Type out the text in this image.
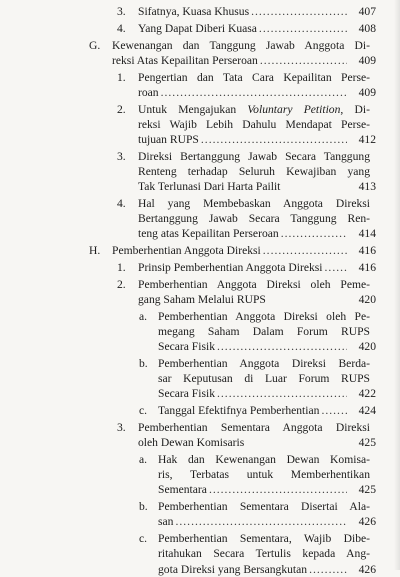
3. Sifatnya, Kuasa Khusus .....	407
4. Yang Dapat Diberi Kuasa .....	408
G. Kewenangan dan Tanggung Jawab Anggota Di-
reksi Atas Kepailitan Perseroan .....	409
1. Pengertian dan Tata Cara Kepailitan Perse-
roan .....	409
2. Untuk Mengajukan Voluntary Petition, Di-
reksi Wajib Lebih Dahulu Mendapat Perse-
tujuan RUPS .....	412
3. Direksi Bertanggung Jawab Secara Tanggung
Renteng terhadap Seluruh Kewajiban yang
Tak Terlunasi Dari Harta Pailit	413
4. Hal yang Membebaskan Anggota Direksi
Bertanggung Jawab Secara Tanggung Ren-
teng atas Kepailitan Perseroan .....	414
H. Pemberhentian Anggota Direksi .....	416
1. Prinsip Pemberhentian Anggota Direksi .....	416
2. Pemberhentian Anggota Direksi oleh Peme-
gang Saham Melalui RUPS	420
a. Pemberhentian Anggota Direksi oleh Pe-
megang Saham Dalam Forum RUPS
Secara Fisik .....	420
b. Pemberhentian Anggota Direksi Berda-
sar Keputusan di Luar Forum RUPS
Secara Fisik .....	422
c. Tanggal Efektifnya Pemberhentian .....	424
3. Pemberhentian Sementara Anggota Direksi
oleh Dewan Komisaris	425
a. Hak dan Kewenangan Dewan Komisa-
ris, Terbatas untuk Memberhentikan
Sementara .....	425
b. Pemberhentian Sementara Disertai Ala-
san .....	426
c. Pemberhentian Sementara, Wajib Dibe-
ritahukan Secara Tertulis kepada Ang-
gota Direksi yang Bersangkutan .....	426
